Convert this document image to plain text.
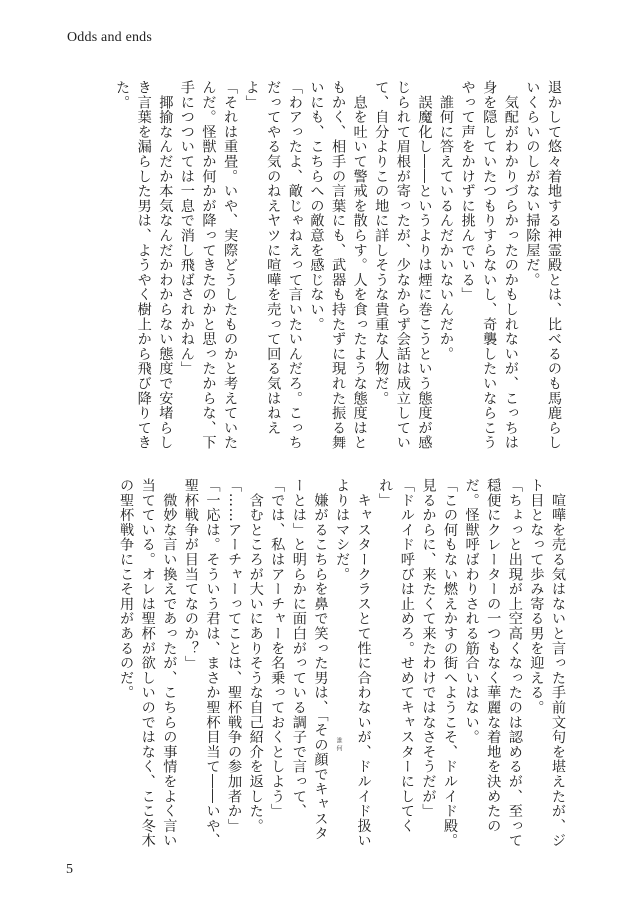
Odds and ends
退かして悠々着地する神霊殿とは、比べるのも馬鹿らし
いくらいのしがない掃除屋だ。
　気配がわかりづらかったのかもしれないが、こっちは
身を隠していたつもりすらないし、奇襲したいならこう
やって声をかけずに挑んでいる」
　誰何に答えているんだかいないんだか。
　誤魔化し――というよりは煙に巻こうという態度が感
じられて眉根が寄ったが、少なからず会話は成立してい
て、自分よりこの地に詳しそうな貴重な人物だ。
　息を吐いて警戒を散らす。人を食ったような態度はと
もかく、相手の言葉にも、武器も持たずに現れた振る舞
いにも、こちらへの敵意を感じない。
「わアったよ、敵じゃねえって言いたいんだろ。こっち
だってやる気のねえヤツに喧嘩を売って回る気はねえ
よ」
「それは重畳。いや、実際どうしたものかと考えていた
んだ。怪獣か何かが降ってきたのかと思ったからな、下
手につついては一息で消し飛ばされかねん」
　揶揄なんだか本気なんだかわからない態度で安堵らし
き言葉を漏らした男は、ようやく樹上から飛び降りてき
た。
　喧嘩を売る気はないと言った手前文句を堪えたが、ジ
ト目となって歩み寄る男を迎える。
「ちょっと出現が上空高くなったのは認めるが、至って
穏便にクレーターの一つもなく華麗な着地を決めたの
だ。怪獣呼ばわりされる筋合いはない。
「この何もない燃えかすの街へようこそ、ドルイド殿。
見るからに、来たくて来たわけではなさそうだが」
「ドルイド呼びは止めろ。せめてキャスターにしてく
れ」
　キャスタークラスとて性に合わないが、ドルイド扱い
よりはマシだ。
　嫌がるこちらを鼻で笑った男は、「その顔でキャスタ
ーとは」と明らかに面白がっている調子で言って、
「では、私はアーチャーを名乗っておくとしよう」
　含むところが大いにありそうな自己紹介を返した。
「……アーチャーってことは、聖杯戦争の参加者か」
「一応は。そういう君は、まさか聖杯目当て――いや、
聖杯戦争が目当てなのか？」
　微妙な言い換えであったが、こちらの事情をよく言い
当てている。オレは聖杯が欲しいのではなく、ここ冬木
の聖杯戦争にこそ用があるのだ。
誰何
5
